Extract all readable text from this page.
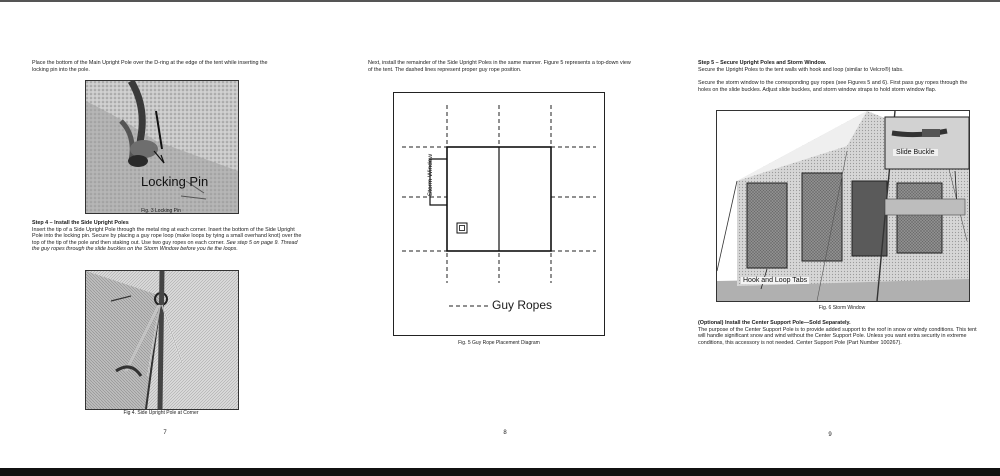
Place the bottom of the Main Upright Pole over the D-ring at the edge of the tent while inserting the locking pin into the pole.
Locking Pin
Fig. 3 Locking Pin
Step 4 – Install the Side Upright Poles
Insert the tip of a Side Upright Pole through the metal ring at each corner. Insert the bottom of the Side Upright Pole into the locking pin. Secure by placing a guy rope loop (make loops by tying a small overhand knot) over the top of the tip of the pole and then staking out. Use two guy ropes on each corner. See step 5 on page 9. Thread the guy ropes through the slide buckles on the Storm Window before you tie the loops.
Fig 4. Side Upright Pole at Corner
7
Next, install the remainder of the Side Upright Poles in the same manner. Figure 5 represents a top-down view of the tent. The dashed lines represent proper guy rope position.
Storm Window
Guy Ropes
Fig. 5 Guy Rope Placement Diagram
8
Step 5 – Secure Upright Poles and Storm Window.
Secure the Upright Poles to the tent walls with hook and loop (similar to Velcro®) tabs.
Secure the storm window to the corresponding guy ropes (see Figures 5 and 6). First pass guy ropes through the holes on the slide buckles. Adjust slide buckles, and storm window straps to hold storm window flap.
Slide Buckle
Hook and Loop Tabs
Fig. 6 Storm Window
(Optional) Install the Center Support Pole—Sold Separately.
The purpose of the Center Support Pole is to provide added support to the roof in snow or windy conditions. This tent will handle significant snow and wind without the Center Support Pole. Unless you want extra security in extreme conditions, this accessory is not needed. Center Support Pole (Part Number 100267).
9
